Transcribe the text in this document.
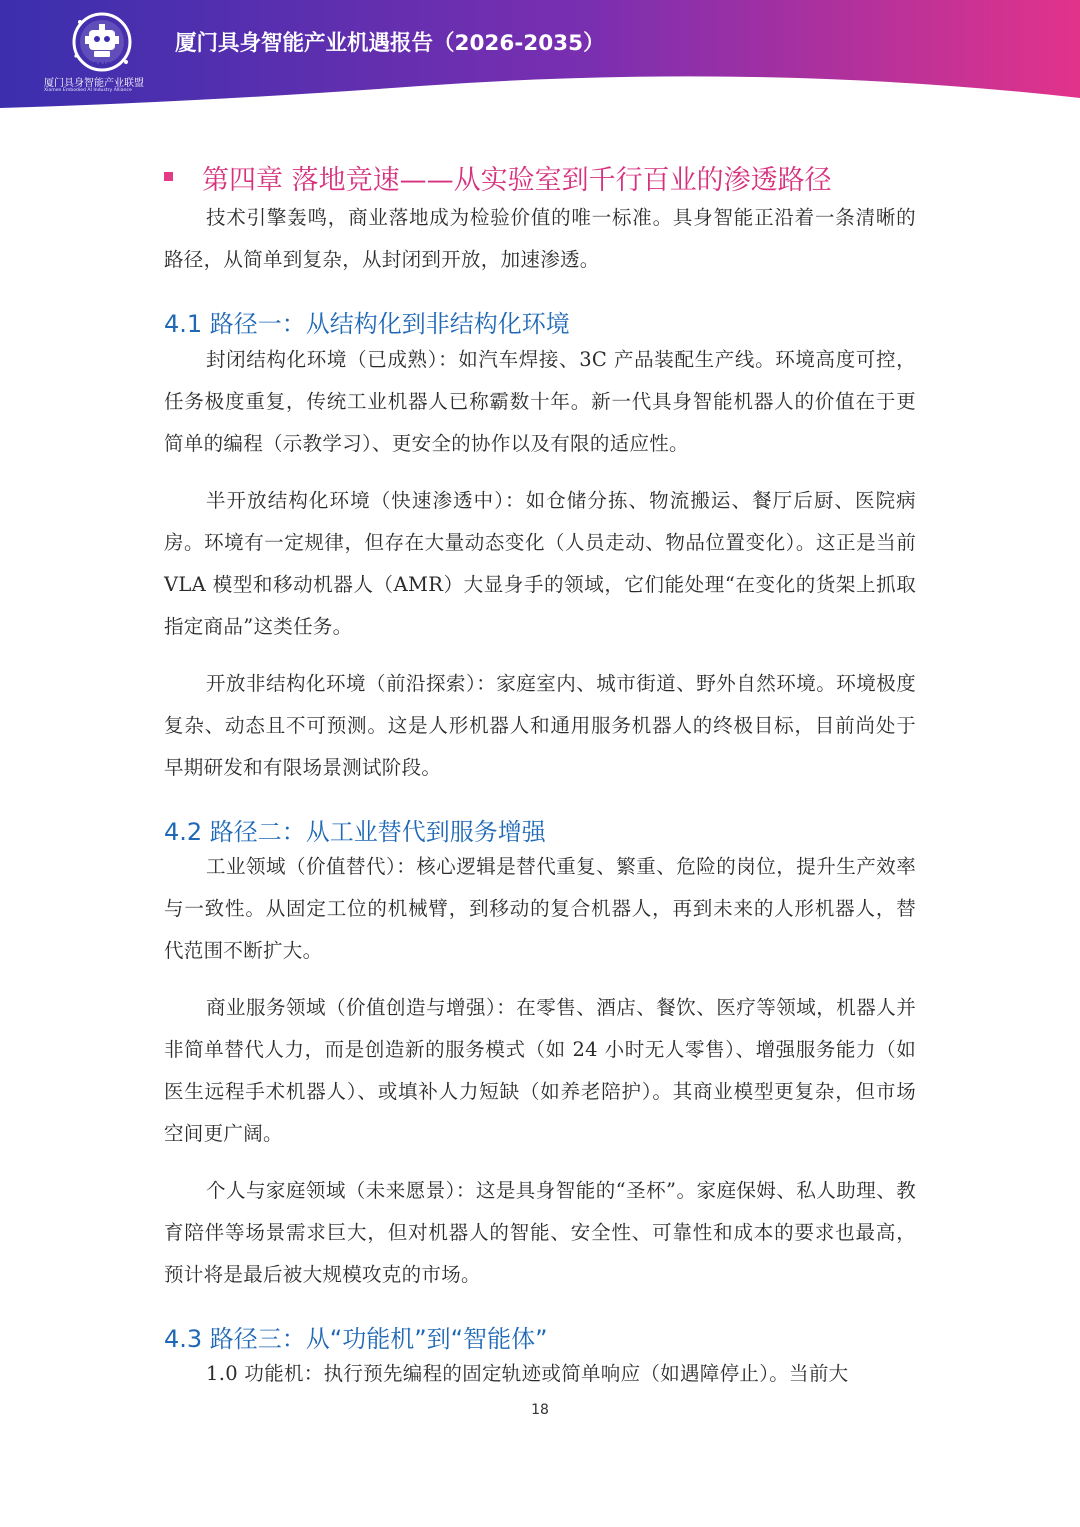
EAIA
厦门具身智能产业联盟
Xiamen Embodied AI Industry Alliance
厦门具身智能产业机遇报告（2026-2035）
第四章 落地竞速——从实验室到千行百业的渗透路径

技术引擎轰鸣，商业落地成为检验价值的唯一标准。具身智能正沿着一条清晰的路径，从简单到复杂，从封闭到开放，加速渗透。

4.1 路径一：从结构化到非结构化环境

封闭结构化环境（已成熟）：如汽车焊接、3C 产品装配生产线。环境高度可控，任务极度重复，传统工业机器人已称霸数十年。新一代具身智能机器人的价值在于更简单的编程（示教学习）、更安全的协作以及有限的适应性。

半开放结构化环境（快速渗透中）：如仓储分拣、物流搬运、餐厅后厨、医院病房。环境有一定规律，但存在大量动态变化（人员走动、物品位置变化）。这正是当前 VLA 模型和移动机器人（AMR）大显身手的领域，它们能处理“在变化的货架上抓取指定商品”这类任务。

开放非结构化环境（前沿探索）：家庭室内、城市街道、野外自然环境。环境极度复杂、动态且不可预测。这是人形机器人和通用服务机器人的终极目标，目前尚处于早期研发和有限场景测试阶段。

4.2 路径二：从工业替代到服务增强

工业领域（价值替代）：核心逻辑是替代重复、繁重、危险的岗位，提升生产效率与一致性。从固定工位的机械臂，到移动的复合机器人，再到未来的人形机器人，替代范围不断扩大。

商业服务领域（价值创造与增强）：在零售、酒店、餐饮、医疗等领域，机器人并非简单替代人力，而是创造新的服务模式（如 24 小时无人零售）、增强服务能力（如医生远程手术机器人）、或填补人力短缺（如养老陪护）。其商业模型更复杂，但市场空间更广阔。

个人与家庭领域（未来愿景）：这是具身智能的“圣杯”。家庭保姆、私人助理、教育陪伴等场景需求巨大，但对机器人的智能、安全性、可靠性和成本的要求也最高，预计将是最后被大规模攻克的市场。

4.3 路径三：从“功能机”到“智能体”

1.0 功能机：执行预先编程的固定轨迹或简单响应（如遇障停止）。当前大

18
